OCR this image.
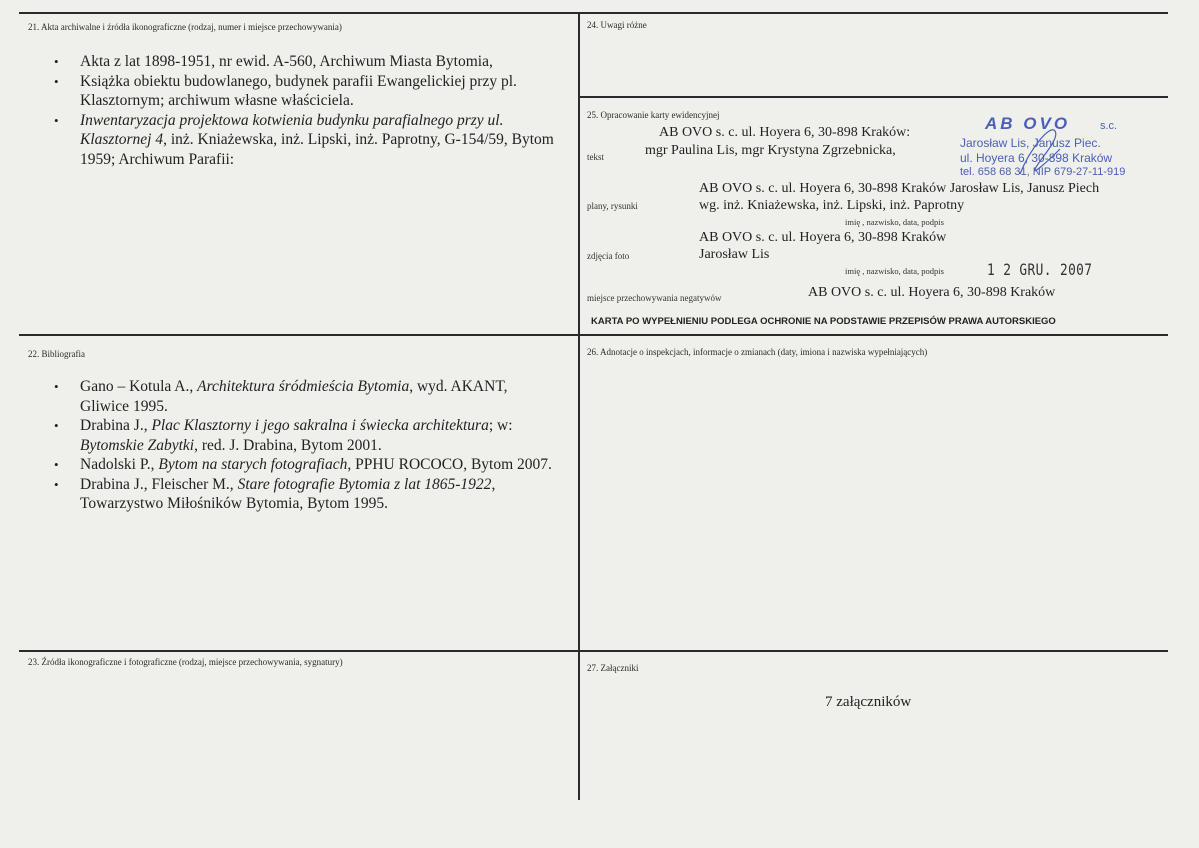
21. Akta archiwalne i źródła ikonograficzne (rodzaj, numer i miejsce przechowywania)
• Akta z lat 1898-1951, nr ewid. A-560, Archiwum Miasta Bytomia,
• Książka obiektu budowlanego, budynek parafii Ewangelickiej przy pl. Klasztornym; archiwum własne właściciela.
• Inwentaryzacja projektowa kotwienia budynku parafialnego przy ul. Klasztornej 4, inż. Kniażewska, inż. Lipski, inż. Paprotny, G-154/59, Bytom 1959; Archiwum Parafii:
24. Uwagi różne
25. Opracowanie karty ewidencyjnej
tekst
AB OVO s. c. ul. Hoyera 6, 30-898 Kraków:
mgr Paulina Lis, mgr Krystyna Zgrzebnicka,
AB OVO	s.c.
Jarosław Lis, Janusz Piec.
ul. Hoyera 6, 30-898 Kraków
tel. 658 68 31, NIP 679-27-11-919
plany, rysunki
AB OVO s. c. ul. Hoyera 6, 30-898 Kraków Jarosław Lis, Janusz Piech
wg. inż. Kniażewska, inż. Lipski, inż. Paprotny
imię , nazwisko, data, podpis
zdjęcia foto
AB OVO s. c. ul. Hoyera 6, 30-898 Kraków
Jarosław Lis
imię , nazwisko, data, podpis	1 2 GRU. 2007
miejsce przechowywania negatywów	AB OVO s. c. ul. Hoyera 6, 30-898 Kraków
KARTA PO WYPEŁNIENIU PODLEGA OCHRONIE NA PODSTAWIE PRZEPISÓW PRAWA AUTORSKIEGO
22. Bibliografia
• Gano – Kotula A., Architektura śródmieścia Bytomia, wyd. AKANT, Gliwice 1995.
• Drabina J., Plac Klasztorny i jego sakralna i świecka architektura; w: Bytomskie Zabytki, red. J. Drabina, Bytom 2001.
• Nadolski P., Bytom na starych fotografiach, PPHU ROCOCO, Bytom 2007.
• Drabina J., Fleischer M., Stare fotografie Bytomia z lat 1865-1922, Towarzystwo Miłośników Bytomia, Bytom 1995.
26. Adnotacje o inspekcjach, informacje o zmianach (daty, imiona i nazwiska wypełniających)
23. Źródła ikonograficzne i fotograficzne (rodzaj, miejsce przechowywania, sygnatury)
27. Załączniki
7 załączników
